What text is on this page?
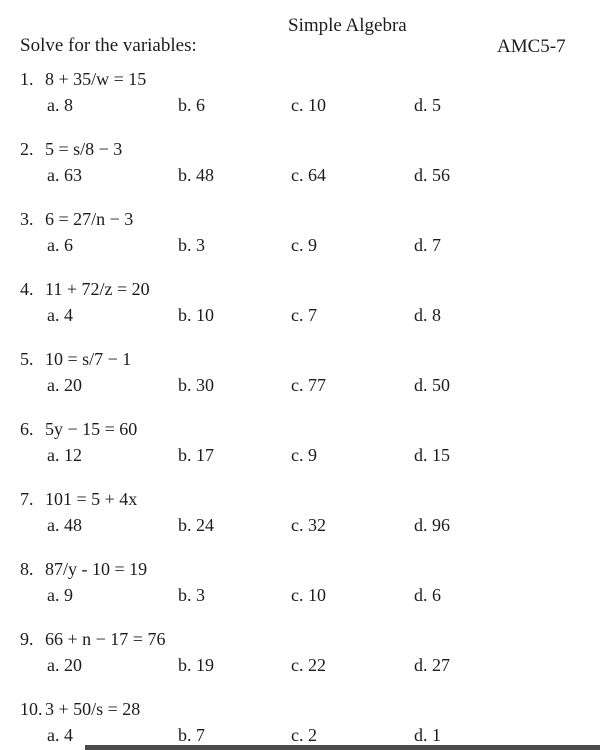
Simple Algebra
Solve for the variables:	AMC5-7
1. 8 + 35/w = 15
a. 8	b. 6	c. 10	d. 5
2. 5 = s/8 − 3
a. 63	b. 48	c. 64	d. 56
3. 6 = 27/n − 3
a. 6	b. 3	c. 9	d. 7
4. 11 + 72/z = 20
a. 4	b. 10	c. 7	d. 8
5. 10 = s/7 − 1
a. 20	b. 30	c. 77	d. 50
6. 5y − 15 = 60
a. 12	b. 17	c. 9	d. 15
7. 101 = 5 + 4x
a. 48	b. 24	c. 32	d. 96
8. 87/y - 10 = 19
a. 9	b. 3	c. 10	d. 6
9. 66 + n − 17 = 76
a. 20	b. 19	c. 22	d. 27
10. 3 + 50/s = 28
a. 4	b. 7	c. 2	d. 1
